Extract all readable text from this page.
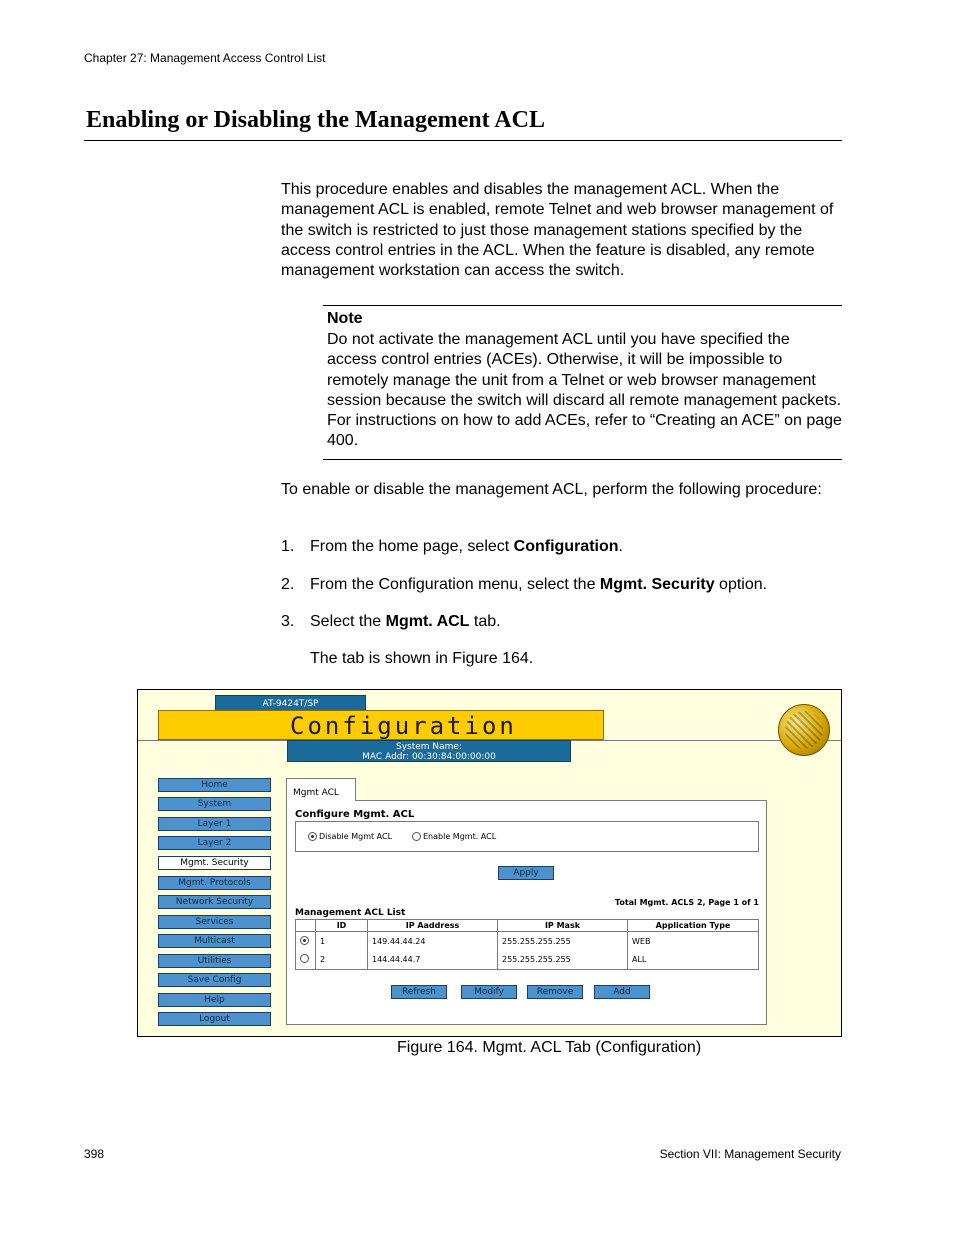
Chapter 27: Management Access Control List
Enabling or Disabling the Management ACL

This procedure enables and disables the management ACL. When the management ACL is enabled, remote Telnet and web browser management of the switch is restricted to just those management stations specified by the access control entries in the ACL. When the feature is disabled, any remote management workstation can access the switch.

Note
Do not activate the management ACL until you have specified the access control entries (ACEs). Otherwise, it will be impossible to remotely manage the unit from a Telnet or web browser management session because the switch will discard all remote management packets. For instructions on how to add ACEs, refer to “Creating an ACE” on page 400.

To enable or disable the management ACL, perform the following procedure:

1. From the home page, select Configuration.
2. From the Configuration menu, select the Mgmt. Security option.
3. Select the Mgmt. ACL tab.
The tab is shown in Figure 164.
AT-9424T/SP
Configuration
System Name:
MAC Addr: 00:30:84:00:00:00
Home
System
Layer 1
Layer 2
Mgmt. Security
Mgmt. Protocols
Network Security
Services
Multicast
Utilities
Save Config
Help
Logout
Mgmt ACL
Configure Mgmt. ACL
Disable Mgmt ACL	Enable Mgmt. ACL
Apply
Total Mgmt. ACLS 2, Page 1 of 1
Management ACL List
	ID	IP Aaddress	IP Mask	Application Type
	1	149.44.44.24	255.255.255.255	WEB
	2	144.44.44.7	255.255.255.255	ALL
Refresh	Modify	Remove	Add
Figure 164. Mgmt. ACL Tab (Configuration)
398	Section VII: Management Security
